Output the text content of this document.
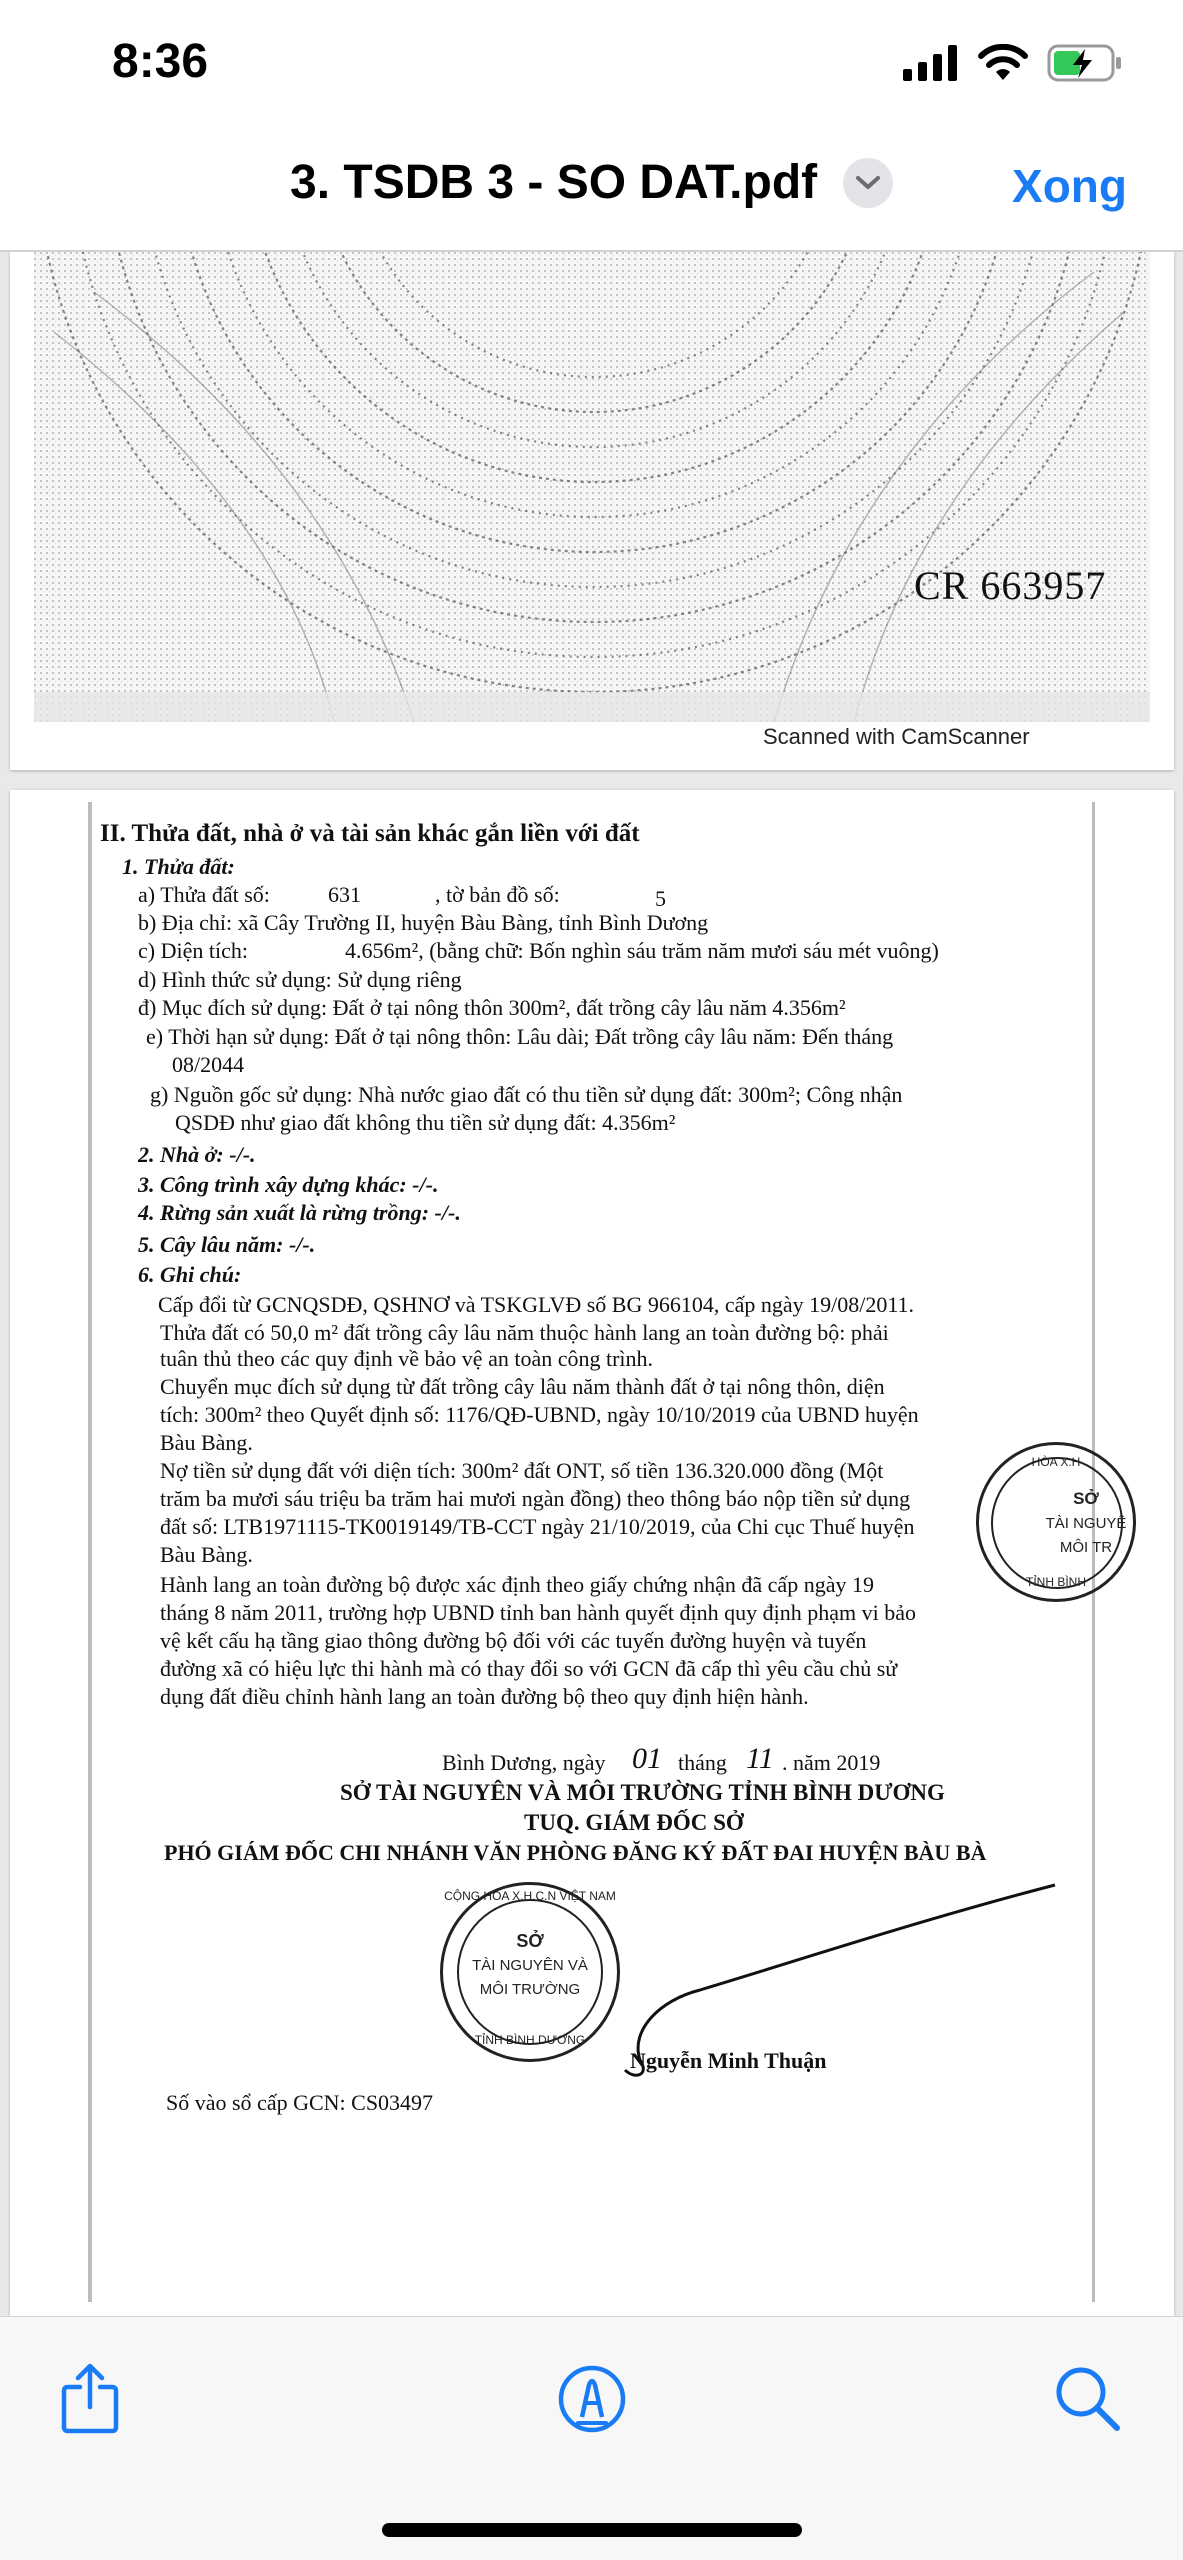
8:36
3. TSDB 3 - SO DAT.pdf	Xong
CR 663957
Scanned with CamScanner
II. Thửa đất, nhà ở và tài sản khác gắn liền với đất
1. Thửa đất:
a) Thửa đất số:	631	, tờ bản đồ số:	5
b) Địa chỉ: xã Cây Trường II, huyện Bàu Bàng, tỉnh Bình Dương
c) Diện tích:	4.656m², (bằng chữ: Bốn nghìn sáu trăm năm mươi sáu mét vuông)
d) Hình thức sử dụng: Sử dụng riêng
đ) Mục đích sử dụng: Đất ở tại nông thôn 300m², đất trồng cây lâu năm 4.356m²
e) Thời hạn sử dụng: Đất ở tại nông thôn: Lâu dài; Đất trồng cây lâu năm: Đến tháng
08/2044
g) Nguồn gốc sử dụng: Nhà nước giao đất có thu tiền sử dụng đất: 300m²; Công nhận
QSDĐ như giao đất không thu tiền sử dụng đất: 4.356m²
2. Nhà ở: -/-.
3. Công trình xây dựng khác: -/-.
4. Rừng sản xuất là rừng trồng: -/-.
5. Cây lâu năm: -/-.
6. Ghi chú:
Cấp đổi từ GCNQSDĐ, QSHNƠ và TSKGLVĐ số BG 966104, cấp ngày 19/08/2011.
Thửa đất có 50,0 m² đất trồng cây lâu năm thuộc hành lang an toàn đường bộ: phải
tuân thủ theo các quy định về bảo vệ an toàn công trình.
Chuyển mục đích sử dụng từ đất trồng cây lâu năm thành đất ở tại nông thôn, diện
tích: 300m² theo Quyết định số: 1176/QĐ-UBND, ngày 10/10/2019 của UBND huyện
Bàu Bàng.
Nợ tiền sử dụng đất với diện tích: 300m² đất ONT, số tiền 136.320.000 đồng (Một
trăm ba mươi sáu triệu ba trăm hai mươi ngàn đồng) theo thông báo nộp tiền sử dụng
đất số: LTB1971115-TK0019149/TB-CCT ngày 21/10/2019, của Chi cục Thuế huyện
Bàu Bàng.
Hành lang an toàn đường bộ được xác định theo giấy chứng nhận đã cấp ngày 19
tháng 8 năm 2011, trường hợp UBND tỉnh ban hành quyết định quy định phạm vi bảo
vệ kết cấu hạ tầng giao thông đường bộ đối với các tuyến đường huyện và tuyến
đường xã có hiệu lực thi hành mà có thay đổi so với GCN đã cấp thì yêu cầu chủ sử
dụng đất điều chỉnh hành lang an toàn đường bộ theo quy định hiện hành.
Bình Dương, ngày 01 tháng 11 . năm 2019
SỞ TÀI NGUYÊN VÀ MÔI TRƯỜNG TỈNH BÌNH DƯƠNG
TUQ. GIÁM ĐỐC SỞ
PHÓ GIÁM ĐỐC CHI NHÁNH VĂN PHÒNG ĐĂNG KÝ ĐẤT ĐAI HUYỆN BÀU BÀ
CỘNG HÒA X.H.C.N VIỆT NAM
SỞ
TÀI NGUYÊN VÀ
MÔI TRƯỜNG
TỈNH BÌNH DƯƠNG
HÒA X.H
SỞ
TÀI NGUYÊ
MÔI TR
TỈNH BÌNH
Nguyễn Minh Thuận
Số vào sổ cấp GCN: CS03497
